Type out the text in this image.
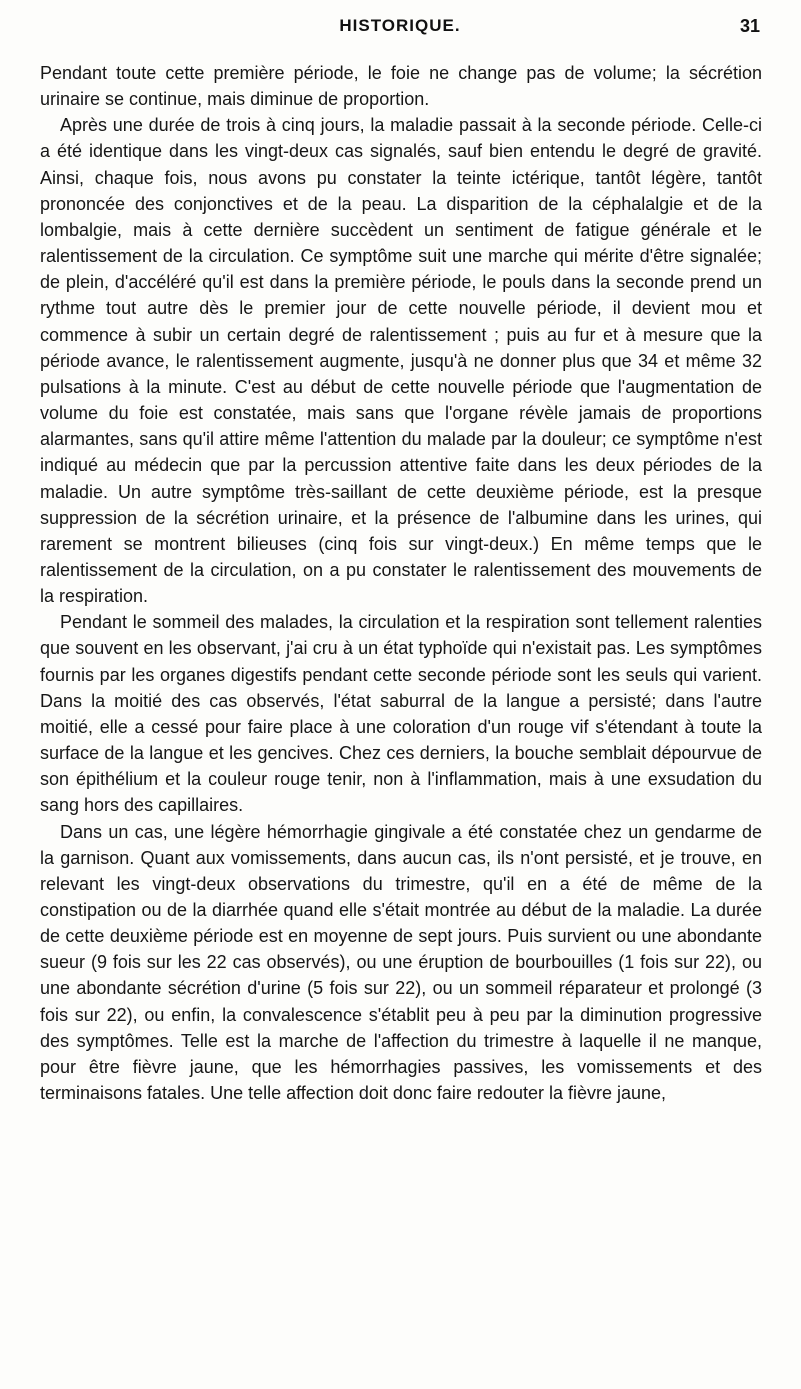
HISTORIQUE.	31

Pendant toute cette première période, le foie ne change pas de volume; la sécrétion urinaire se continue, mais diminue de proportion.

Après une durée de trois à cinq jours, la maladie passait à la seconde période. Celle-ci a été identique dans les vingt-deux cas signalés, sauf bien entendu le degré de gravité. Ainsi, chaque fois, nous avons pu constater la teinte ictérique, tantôt légère, tantôt prononcée des conjonctives et de la peau. La disparition de la céphalalgie et de la lombalgie, mais à cette dernière succèdent un sentiment de fatigue générale et le ralentissement de la circulation. Ce symptôme suit une marche qui mérite d'être signalée; de plein, d'accéléré qu'il est dans la première période, le pouls dans la seconde prend un rythme tout autre dès le premier jour de cette nouvelle période, il devient mou et commence à subir un certain degré de ralentissement ; puis au fur et à mesure que la période avance, le ralentissement augmente, jusqu'à ne donner plus que 34 et même 32 pulsations à la minute. C'est au début de cette nouvelle période que l'augmentation de volume du foie est constatée, mais sans que l'organe révèle jamais de proportions alarmantes, sans qu'il attire même l'attention du malade par la douleur; ce symptôme n'est indiqué au médecin que par la percussion attentive faite dans les deux périodes de la maladie. Un autre symptôme très-saillant de cette deuxième période, est la presque suppression de la sécrétion urinaire, et la présence de l'albumine dans les urines, qui rarement se montrent bilieuses (cinq fois sur vingt-deux.) En même temps que le ralentissement de la circulation, on a pu constater le ralentissement des mouvements de la respiration.

Pendant le sommeil des malades, la circulation et la respiration sont tellement ralenties que souvent en les observant, j'ai cru à un état typhoïde qui n'existait pas. Les symptômes fournis par les organes digestifs pendant cette seconde période sont les seuls qui varient. Dans la moitié des cas observés, l'état saburral de la langue a persisté; dans l'autre moitié, elle a cessé pour faire place à une coloration d'un rouge vif s'étendant à toute la surface de la langue et les gencives. Chez ces derniers, la bouche semblait dépourvue de son épithélium et la couleur rouge tenir, non à l'inflammation, mais à une exsudation du sang hors des capillaires.

Dans un cas, une légère hémorrhagie gingivale a été constatée chez un gendarme de la garnison. Quant aux vomissements, dans aucun cas, ils n'ont persisté, et je trouve, en relevant les vingt-deux observations du trimestre, qu'il en a été de même de la constipation ou de la diarrhée quand elle s'était montrée au début de la maladie. La durée de cette deuxième période est en moyenne de sept jours. Puis survient ou une abondante sueur (9 fois sur les 22 cas observés), ou une éruption de bourbouilles (1 fois sur 22), ou une abondante sécrétion d'urine (5 fois sur 22), ou un sommeil réparateur et prolongé (3 fois sur 22), ou enfin, la convalescence s'établit peu à peu par la diminution progressive des symptômes. Telle est la marche de l'affection du trimestre à laquelle il ne manque, pour être fièvre jaune, que les hémorrhagies passives, les vomissements et des terminaisons fatales. Une telle affection doit donc faire redouter la fièvre jaune,
